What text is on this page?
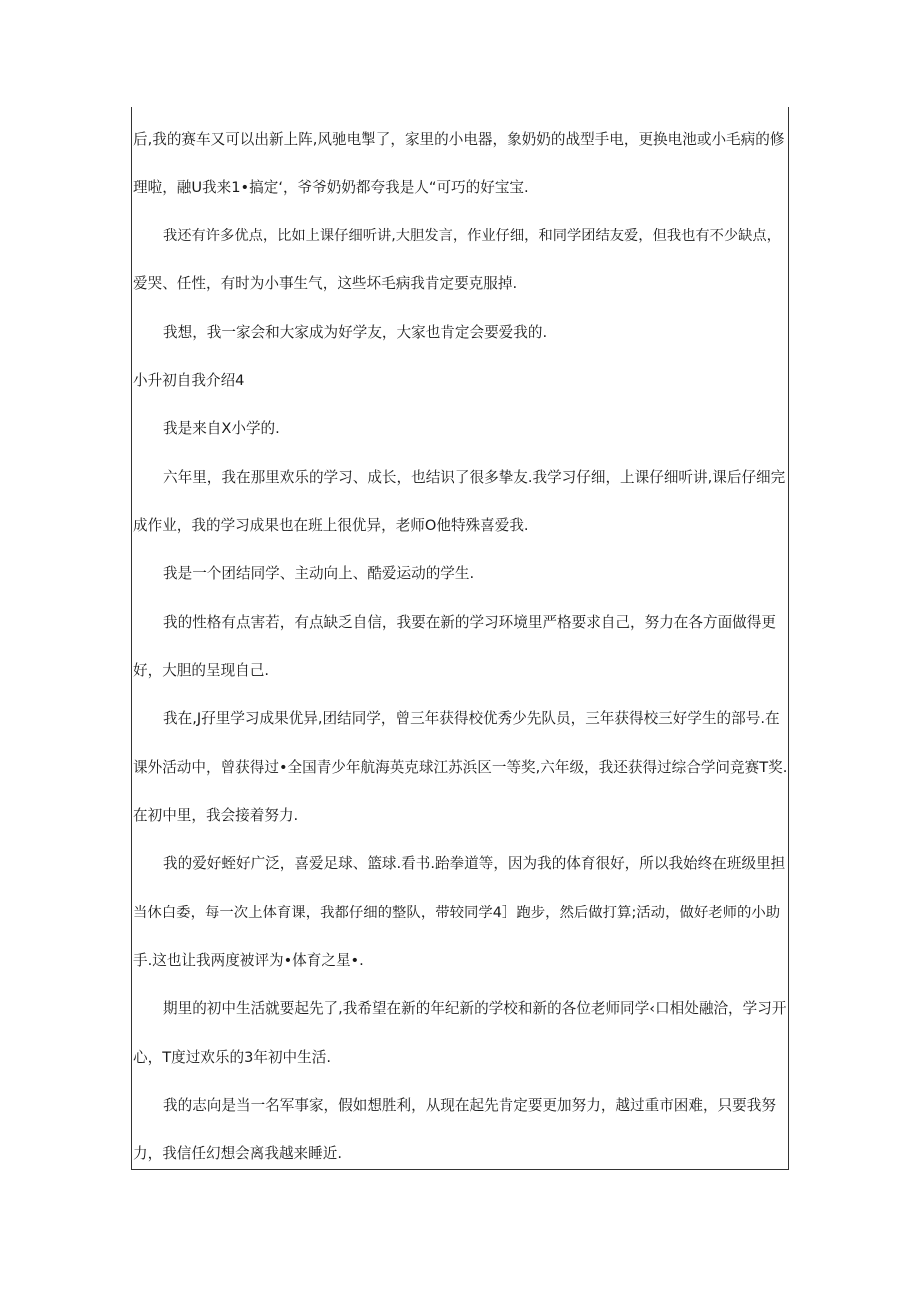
后,我的赛车又可以出新上阵,风驰电掣了，家里的小电器，象奶奶的战型手电，更换电池或小毛病的修
理啦，融U我来1•搞定‘，爷爷奶奶都夸我是人“可巧的好宝宝.
我还有许多优点，比如上课仔细听讲,大胆发言，作业仔细，和同学团结友爱，但我也有不少缺点，
爱哭、任性，有时为小事生气，这些坏毛病我肯定要克服掉.
我想，我一家会和大家成为好学友，大家也肯定会要爱我的.
小升初自我介绍4
我是来自X小学的.
六年里，我在那里欢乐的学习、成长，也结识了很多挚友.我学习仔细，上课仔细听讲,课后仔细完
成作业，我的学习成果也在班上很优异，老师O他特殊喜爱我.
我是一个团结同学、主动向上、酷爱运动的学生.
我的性格有点害若，有点缺乏自信，我要在新的学习环境里严格要求自己，努力在各方面做得更
好，大胆的呈现自己.
我在,J孖里学习成果优异,团结同学，曾三年获得校优秀少先队员，三年获得校三好学生的部号.在
课外活动中，曾获得过•全国青少年航海英克球江苏浜区一等奖,六年级，我还获得过综合学问竞赛T奖.
在初中里，我会接着努力.
我的爱好蛭好广泛，喜爱足球、篮球.看书.跆拳道等，因为我的体育很好，所以我始终在班级里担
当休白委，每一次上体育课，我都仔细的整队，带较同学4］跑步，然后做打算;活动，做好老师的小助
手.这也让我两度被评为•体育之星•.
期里的初中生活就要起先了,我希望在新的年纪新的学校和新的各位老师同学‹口相处融洽，学习开
心，T度过欢乐的3年初中生活.
我的志向是当一名军事家，假如想胜利，从现在起先肯定要更加努力，越过重市困难，只要我努
力，我信任幻想会离我越来睡近.
